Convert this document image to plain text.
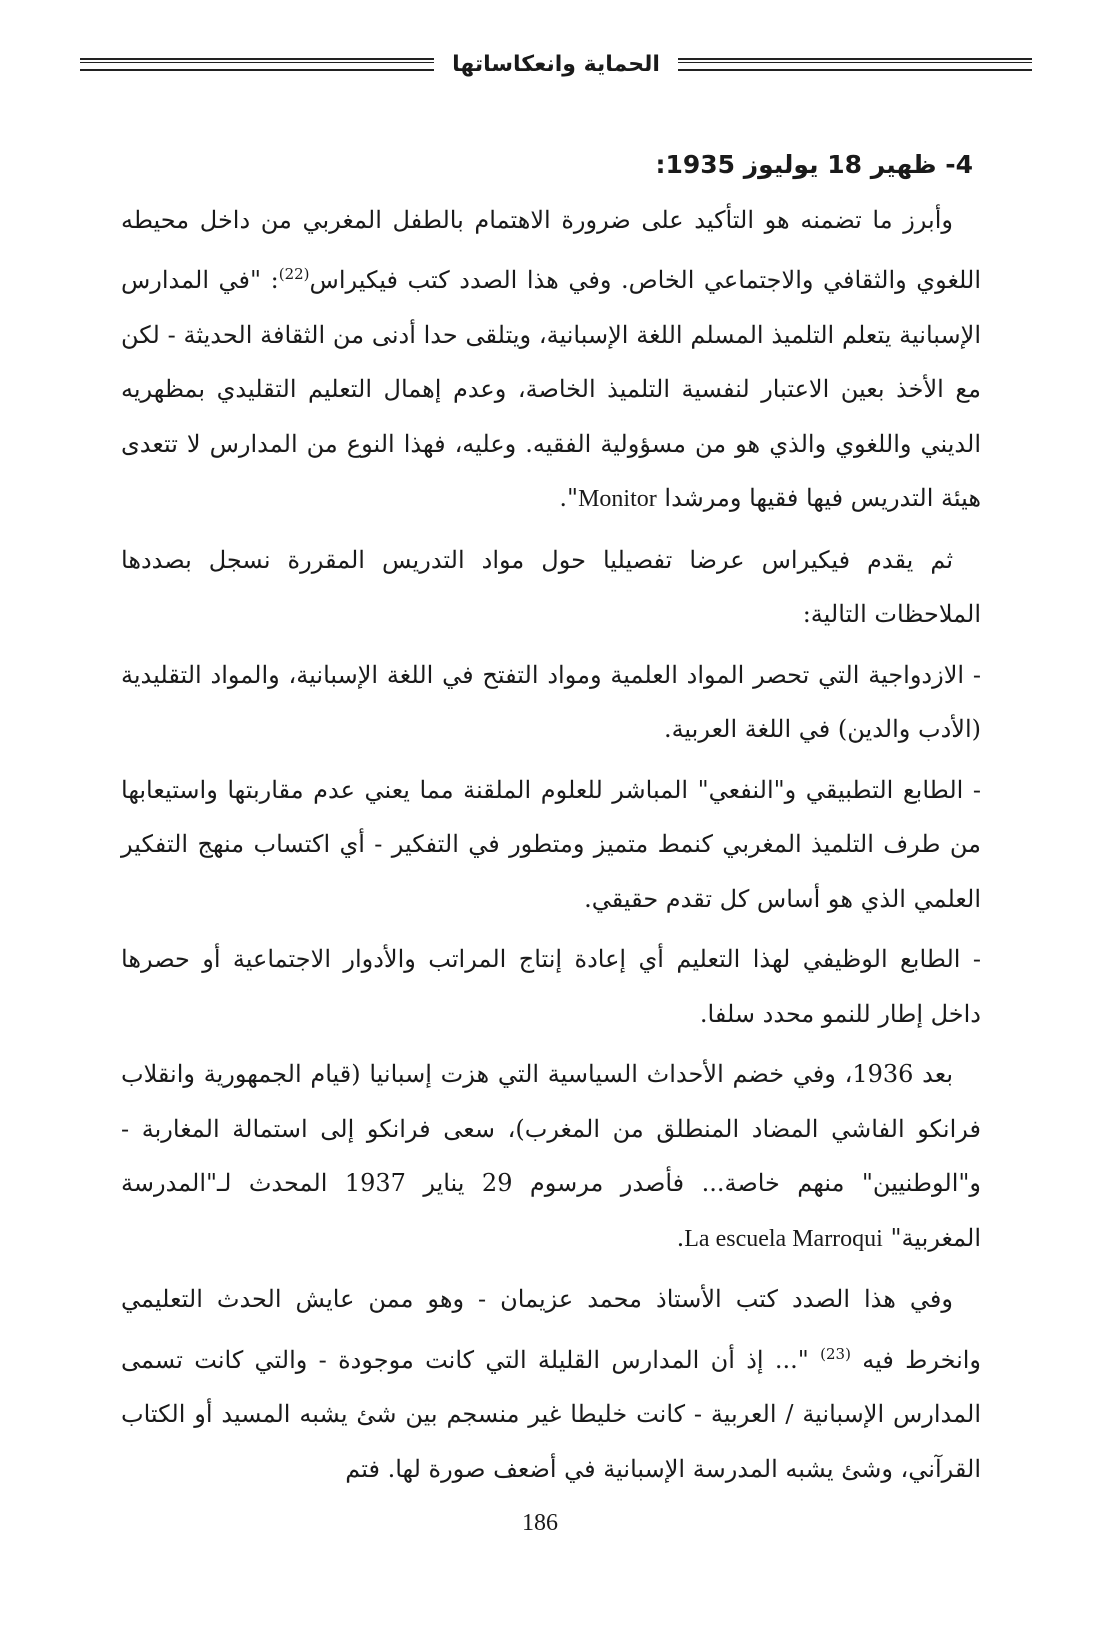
الحماية وانعكاساتها

4- ظهير 18 يوليوز 1935:

وأبرز ما تضمنه هو التأكيد على ضرورة الاهتمام بالطفل المغربي من داخل محيطه اللغوي والثقافي والاجتماعي الخاص. وفي هذا الصدد كتب فيكيراس$^{(22)}$: "في المدارس الإسبانية يتعلم التلميذ المسلم اللغة الإسبانية، ويتلقى حدا أدنى من الثقافة الحديثة - لكن مع الأخذ بعين الاعتبار لنفسية التلميذ الخاصة، وعدم إهمال التعليم التقليدي بمظهريه الديني واللغوي والذي هو من مسؤولية الفقيه. وعليه، فهذا النوع من المدارس لا تتعدى هيئة التدريس فيها فقيها ومرشدا Monitor".

ثم يقدم فيكيراس عرضا تفصيليا حول مواد التدريس المقررة نسجل بصددها الملاحظات التالية:

- الازدواجية التي تحصر المواد العلمية ومواد التفتح في اللغة الإسبانية، والمواد التقليدية (الأدب والدين) في اللغة العربية.

- الطابع التطبيقي و"النفعي" المباشر للعلوم الملقنة مما يعني عدم مقاربتها واستيعابها من طرف التلميذ المغربي كنمط متميز ومتطور في التفكير - أي اكتساب منهج التفكير العلمي الذي هو أساس كل تقدم حقيقي.

- الطابع الوظيفي لهذا التعليم أي إعادة إنتاج المراتب والأدوار الاجتماعية أو حصرها داخل إطار للنمو محدد سلفا.

بعد 1936، وفي خضم الأحداث السياسية التي هزت إسبانيا (قيام الجمهورية وانقلاب فرانكو الفاشي المضاد المنطلق من المغرب)، سعى فرانكو إلى استمالة المغاربة - و"الوطنيين" منهم خاصة... فأصدر مرسوم 29 يناير 1937 المحدث لـ"المدرسة المغربية" La escuela Marroqui.

وفي هذا الصدد كتب الأستاذ محمد عزيمان - وهو ممن عايش الحدث التعليمي وانخرط فيه $^{(23)}$ "... إذ أن المدارس القليلة التي كانت موجودة - والتي كانت تسمى المدارس الإسبانية / العربية - كانت خليطا غير منسجم بين شئ يشبه المسيد أو الكتاب القرآني، وشئ يشبه المدرسة الإسبانية في أضعف صورة لها. فتم

186
